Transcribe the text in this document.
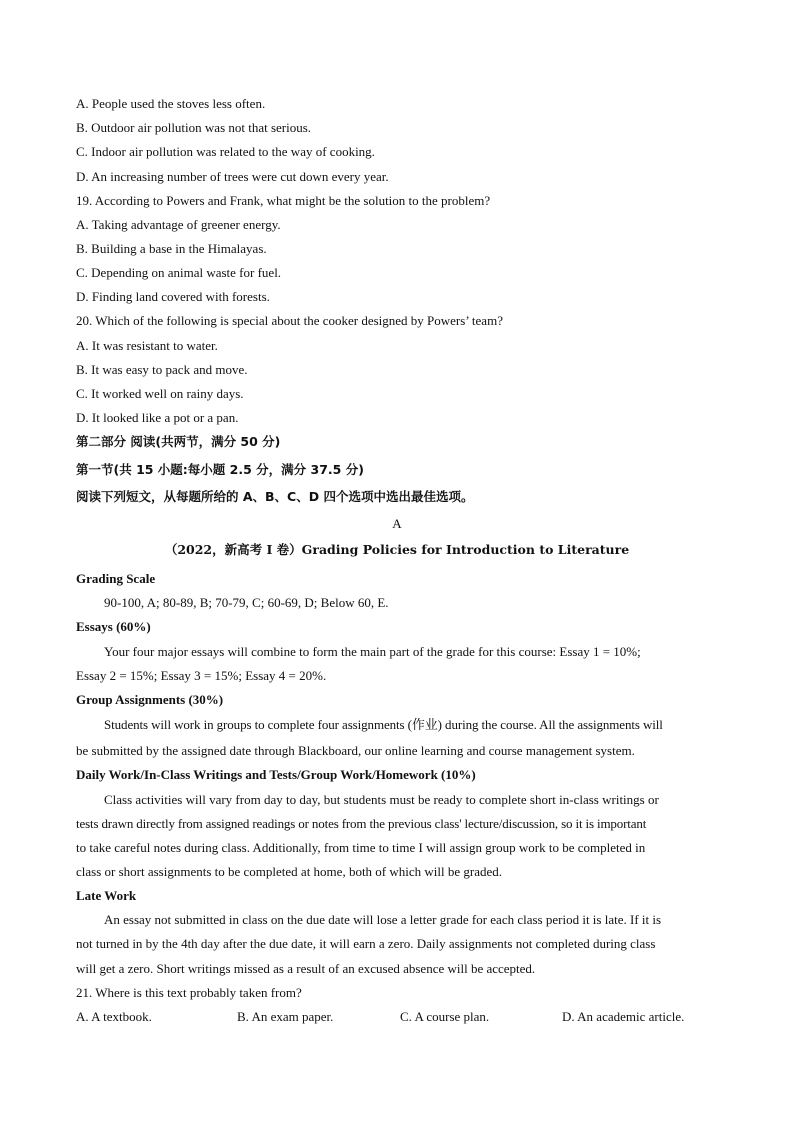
A. People used the stoves less often.
B. Outdoor air pollution was not that serious.
C. Indoor air pollution was related to the way of cooking.
D. An increasing number of trees were cut down every year.
19. According to Powers and Frank, what might be the solution to the problem?
A. Taking advantage of greener energy.
B. Building a base in the Himalayas.
C. Depending on animal waste for fuel.
D. Finding land covered with forests.
20. Which of the following is special about the cooker designed by Powers’ team?
A. It was resistant to water.
B. It was easy to pack and move.
C. It worked well on rainy days.
D. It looked like a pot or a pan.
第二部分 阅读(共两节，满分 50 分)
第一节(共 15 小题:每小题 2.5 分，满分 37.5 分)
阅读下列短文，从每题所给的 A、B、C、D 四个选项中选出最佳选项。
A
（2022，新高考 I 卷）Grading Policies for Introduction to Literature
Grading Scale
90-100, A; 80-89, B; 70-79, C; 60-69, D; Below 60, E.
Essays (60%)
Your four major essays will combine to form the main part of the grade for this course: Essay 1 = 10%;
Essay 2 = 15%; Essay 3 = 15%; Essay 4 = 20%.
Group Assignments (30%)
Students will work in groups to complete four assignments (作业) during the course. All the assignments will
be submitted by the assigned date through Blackboard, our online learning and course management system.
Daily Work/In-Class Writings and Tests/Group Work/Homework (10%)
Class activities will vary from day to day, but students must be ready to complete short in-class writings or
tests drawn directly from assigned readings or notes from the previous class' lecture/discussion, so it is important
to take careful notes during class. Additionally, from time to time I will assign group work to be completed in
class or short assignments to be completed at home, both of which will be graded.
Late Work
An essay not submitted in class on the due date will lose a letter grade for each class period it is late. If it is
not turned in by the 4th day after the due date, it will earn a zero. Daily assignments not completed during class
will get a zero. Short writings missed as a result of an excused absence will be accepted.
21. Where is this text probably taken from?
A. A textbook.	B. An exam paper.	C. A course plan.	D. An academic article.
